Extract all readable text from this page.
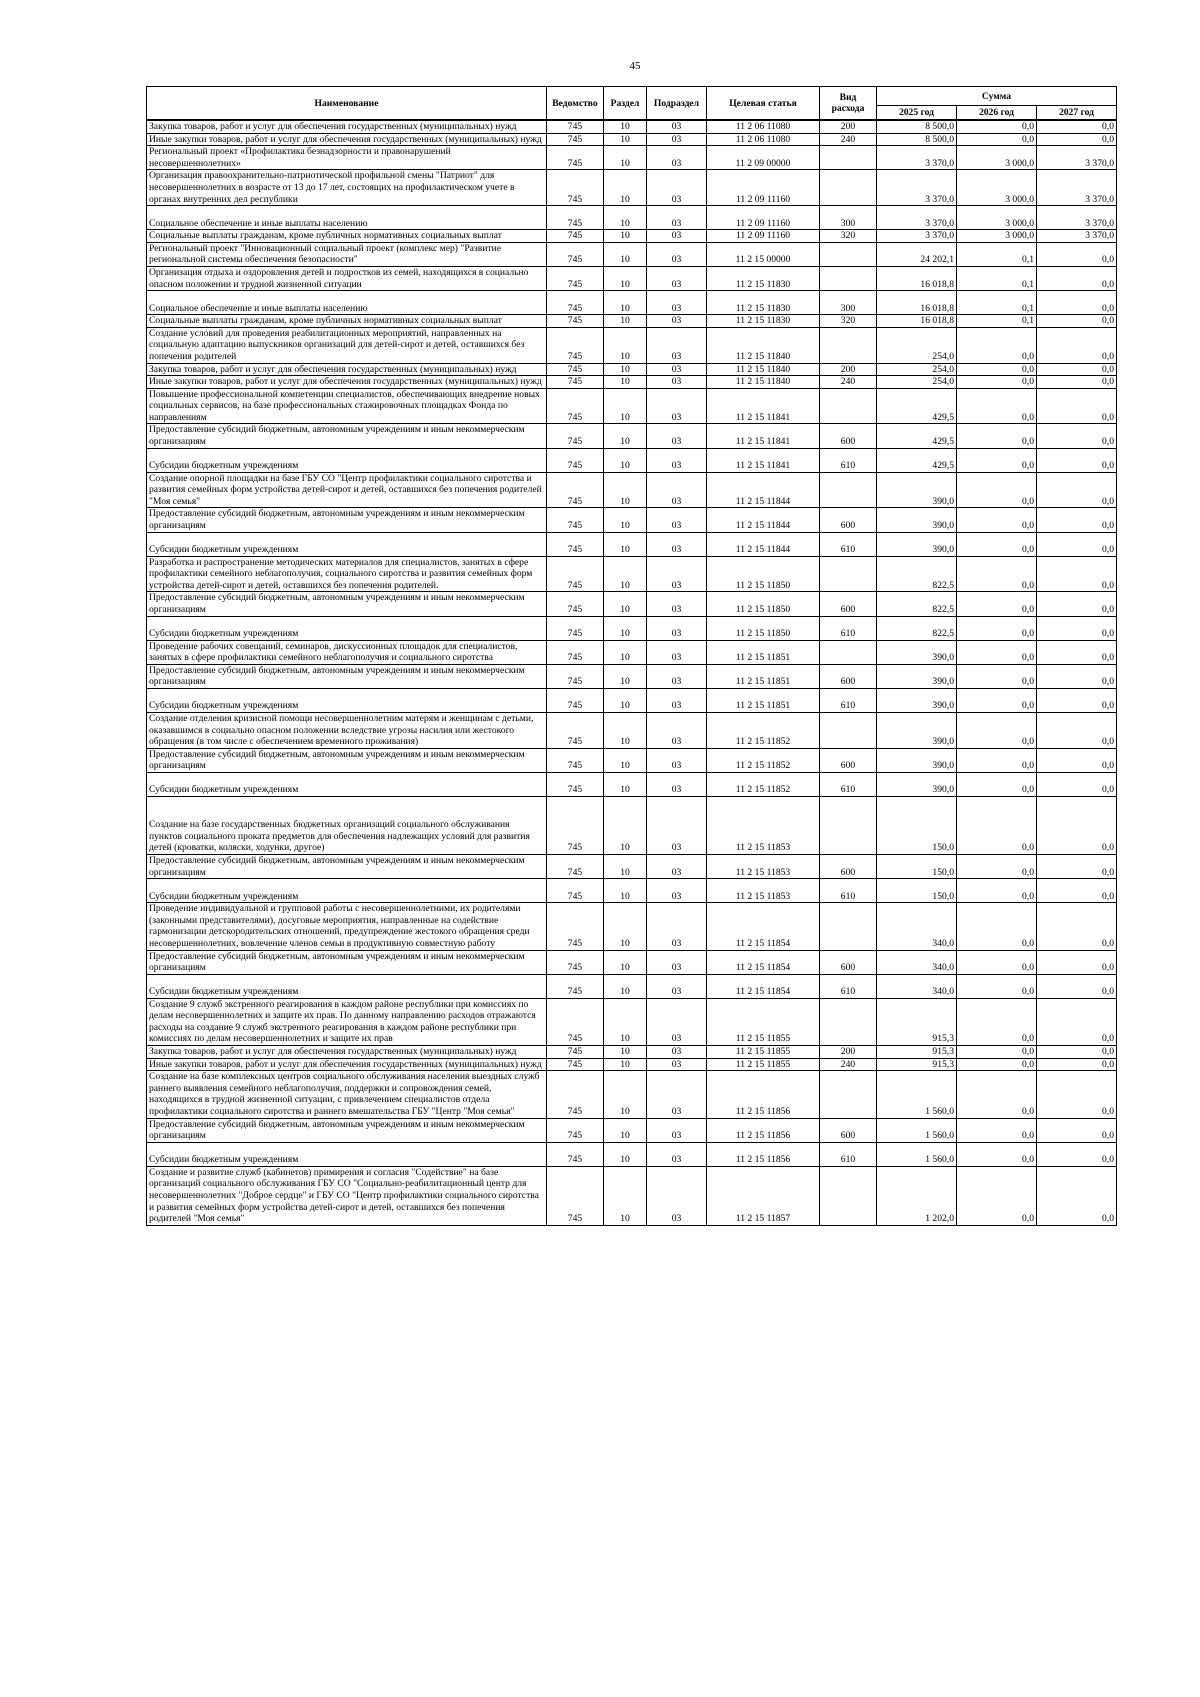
45
Наименование	Ведомство	Раздел	Подраздел	Целевая статья	Вид расхода	Сумма		
						2025 год	2026 год	2027 год
Закупка товаров, работ и услуг для обеспечения государственных (муниципальных) нужд	745	10	03	11 2 06 11080	200	8 500,0	0,0	0,0
Иные закупки товаров, работ и услуг для обеспечения государственных (муниципальных) нужд	745	10	03	11 2 06 11080	240	8 500,0	0,0	0,0
Региональный проект «Профилактика безнадзорности и правонарушений несовершеннолетних»	745	10	03	11 2 09 00000		3 370,0	3 000,0	3 370,0
Организация правоохранительно-патриотической профильной смены "Патриот" для несовершеннолетних в возрасте от 13 до 17 лет, состоящих на профилактическом учете в органах внутренних дел республики	745	10	03	11 2 09 11160		3 370,0	3 000,0	3 370,0
Социальное обеспечение и иные выплаты населению	745	10	03	11 2 09 11160	300	3 370,0	3 000,0	3 370,0
Социальные выплаты гражданам, кроме публичных нормативных социальных выплат	745	10	03	11 2 09 11160	320	3 370,0	3 000,0	3 370,0
Региональный проект "Инновационный социальный проект (комплекс мер) "Развитие региональной системы обеспечения безопасности"	745	10	03	11 2 15 00000		24 202,1	0,1	0,0
Организация отдыха и оздоровления детей и подростков из семей, находящихся в социально опасном положении и трудной жизненной ситуации	745	10	03	11 2 15 11830		16 018,8	0,1	0,0
Социальное обеспечение и иные выплаты населению	745	10	03	11 2 15 11830	300	16 018,8	0,1	0,0
Социальные выплаты гражданам, кроме публичных нормативных социальных выплат	745	10	03	11 2 15 11830	320	16 018,8	0,1	0,0
Создание условий для проведения реабилитационных мероприятий, направленных на социальную адаптацию выпускников организаций для детей-сирот и детей, оставшихся без попечения родителей	745	10	03	11 2 15 11840		254,0	0,0	0,0
Закупка товаров, работ и услуг для обеспечения государственных (муниципальных) нужд	745	10	03	11 2 15 11840	200	254,0	0,0	0,0
Иные закупки товаров, работ и услуг для обеспечения государственных (муниципальных) нужд	745	10	03	11 2 15 11840	240	254,0	0,0	0,0
Повышение профессиональной компетенции специалистов, обеспечивающих внедрение новых социальных сервисов, на базе профессиональных стажировочных площадках Фонда по направлениям	745	10	03	11 2 15 11841		429,5	0,0	0,0
Предоставление субсидий бюджетным, автономным учреждениям и иным некоммерческим организациям	745	10	03	11 2 15 11841	600	429,5	0,0	0,0
Субсидии бюджетным учреждениям	745	10	03	11 2 15 11841	610	429,5	0,0	0,0
Создание опорной площадки на базе ГБУ СО "Центр профилактики социального сиротства и развития семейных форм устройства детей-сирот и детей, оставшихся без попечения родителей "Моя семья"	745	10	03	11 2 15 11844		390,0	0,0	0,0
Предоставление субсидий бюджетным, автономным учреждениям и иным некоммерческим организациям	745	10	03	11 2 15 11844	600	390,0	0,0	0,0
Субсидии бюджетным учреждениям	745	10	03	11 2 15 11844	610	390,0	0,0	0,0
Разработка и распространение методических материалов для специалистов, занятых в сфере профилактики семейного неблагополучия, социального сиротства и развития семейных форм устройства детей-сирот и детей, оставшихся без попечения родителей.	745	10	03	11 2 15 11850		822,5	0,0	0,0
Предоставление субсидий бюджетным, автономным учреждениям и иным некоммерческим организациям	745	10	03	11 2 15 11850	600	822,5	0,0	0,0
Субсидии бюджетным учреждениям	745	10	03	11 2 15 11850	610	822,5	0,0	0,0
Проведение рабочих совещаний, семинаров, дискуссионных площадок для специалистов, занятых в сфере профилактики семейного неблагополучия и социального сиротства	745	10	03	11 2 15 11851		390,0	0,0	0,0
Предоставление субсидий бюджетным, автономным учреждениям и иным некоммерческим организациям	745	10	03	11 2 15 11851	600	390,0	0,0	0,0
Субсидии бюджетным учреждениям	745	10	03	11 2 15 11851	610	390,0	0,0	0,0
Создание отделения кризисной помощи несовершеннолетним матерям и женщинам с детьми, оказавшимся в социально опасном положении вследствие угрозы насилия или жестокого обращения (в том числе с обеспечением временного проживания)	745	10	03	11 2 15 11852		390,0	0,0	0,0
Предоставление субсидий бюджетным, автономным учреждениям и иным некоммерческим организациям	745	10	03	11 2 15 11852	600	390,0	0,0	0,0
Субсидии бюджетным учреждениям	745	10	03	11 2 15 11852	610	390,0	0,0	0,0
Создание на базе государственных бюджетных организаций социального обслуживания пунктов социального проката предметов для обеспечения надлежащих условий для развития детей (кроватки, коляски, ходунки, другое)	745	10	03	11 2 15 11853		150,0	0,0	0,0
Предоставление субсидий бюджетным, автономным учреждениям и иным некоммерческим организациям	745	10	03	11 2 15 11853	600	150,0	0,0	0,0
Субсидии бюджетным учреждениям	745	10	03	11 2 15 11853	610	150,0	0,0	0,0
Проведение индивидуальной и групповой работы с несовершеннолетними, их родителями (законными представителями), досуговые мероприятия, направленные на содействие гармонизации детскородительских отношений, предупреждение жестокого обращения среди несовершеннолетних, вовлечение членов семьи в продуктивную совместную работу	745	10	03	11 2 15 11854		340,0	0,0	0,0
Предоставление субсидий бюджетным, автономным учреждениям и иным некоммерческим организациям	745	10	03	11 2 15 11854	600	340,0	0,0	0,0
Субсидии бюджетным учреждениям	745	10	03	11 2 15 11854	610	340,0	0,0	0,0
Создание 9 служб экстренного реагирования в каждом районе республики при комиссиях по делам несовершеннолетних и защите их прав. По данному направлению расходов отражаются расходы на создание 9 служб экстренного реагирования в каждом районе республики при комиссиях по делам несовершеннолетних и защите их прав	745	10	03	11 2 15 11855		915,3	0,0	0,0
Закупка товаров, работ и услуг для обеспечения государственных (муниципальных) нужд	745	10	03	11 2 15 11855	200	915,3	0,0	0,0
Иные закупки товаров, работ и услуг для обеспечения государственных (муниципальных) нужд	745	10	03	11 2 15 11855	240	915,3	0,0	0,0
Создание на базе комплексных центров социального обслуживания населения выездных служб раннего выявления семейного неблагополучия, поддержки и сопровождения семей, находящихся в трудной жизненной ситуации, с привлечением специалистов отдела профилактики социального сиротства и раннего вмешательства ГБУ "Центр "Моя семья"	745	10	03	11 2 15 11856		1 560,0	0,0	0,0
Предоставление субсидий бюджетным, автономным учреждениям и иным некоммерческим организациям	745	10	03	11 2 15 11856	600	1 560,0	0,0	0,0
Субсидии бюджетным учреждениям	745	10	03	11 2 15 11856	610	1 560,0	0,0	0,0
Создание и развитие служб (кабинетов) примирения и согласия "Содействие" на базе организаций социального обслуживания ГБУ СО "Социально-реабилитационный центр для несовершеннолетних "Доброе сердце" и ГБУ СО "Центр профилактики социального сиротства и развития семейных форм устройства детей-сирот и детей, оставшихся без попечения родителей "Моя семья"	745	10	03	11 2 15 11857		1 202,0	0,0	0,0
